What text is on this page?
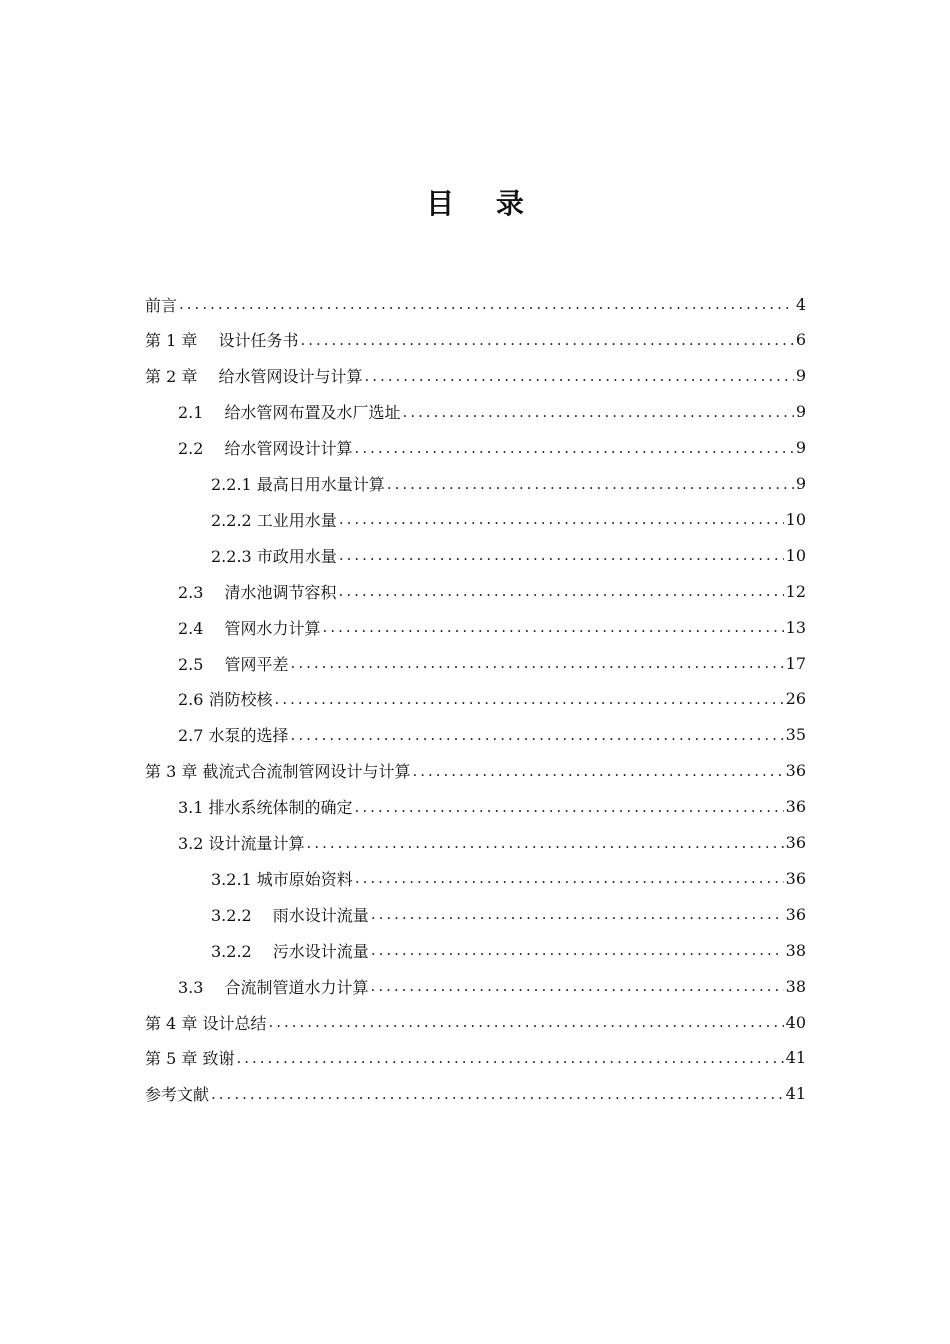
目 录
前言 .....	4
第 1 章　 设计任务书 .....	6
第 2 章　 给水管网设计与计算 .....	9
2.1　 给水管网布置及水厂选址 .....	9
2.2　 给水管网设计计算 .....	9
2.2.1 最高日用水量计算 .....	9
2.2.2 工业用水量 .....	10
2.2.3 市政用水量 .....	10
2.3　 清水池调节容积 .....	12
2.4　 管网水力计算 .....	13
2.5　 管网平差 .....	17
2.6 消防校核 .....	26
2.7 水泵的选择 .....	35
第 3 章 截流式合流制管网设计与计算 .....	36
3.1 排水系统体制的确定 .....	36
3.2 设计流量计算 .....	36
3.2.1 城市原始资料 .....	36
3.2.2　 雨水设计流量 .....	36
3.2.2　 污水设计流量 .....	38
3.3　 合流制管道水力计算 .....	38
第 4 章 设计总结 .....	40
第 5 章 致谢 .....	41
参考文献 .....	41
